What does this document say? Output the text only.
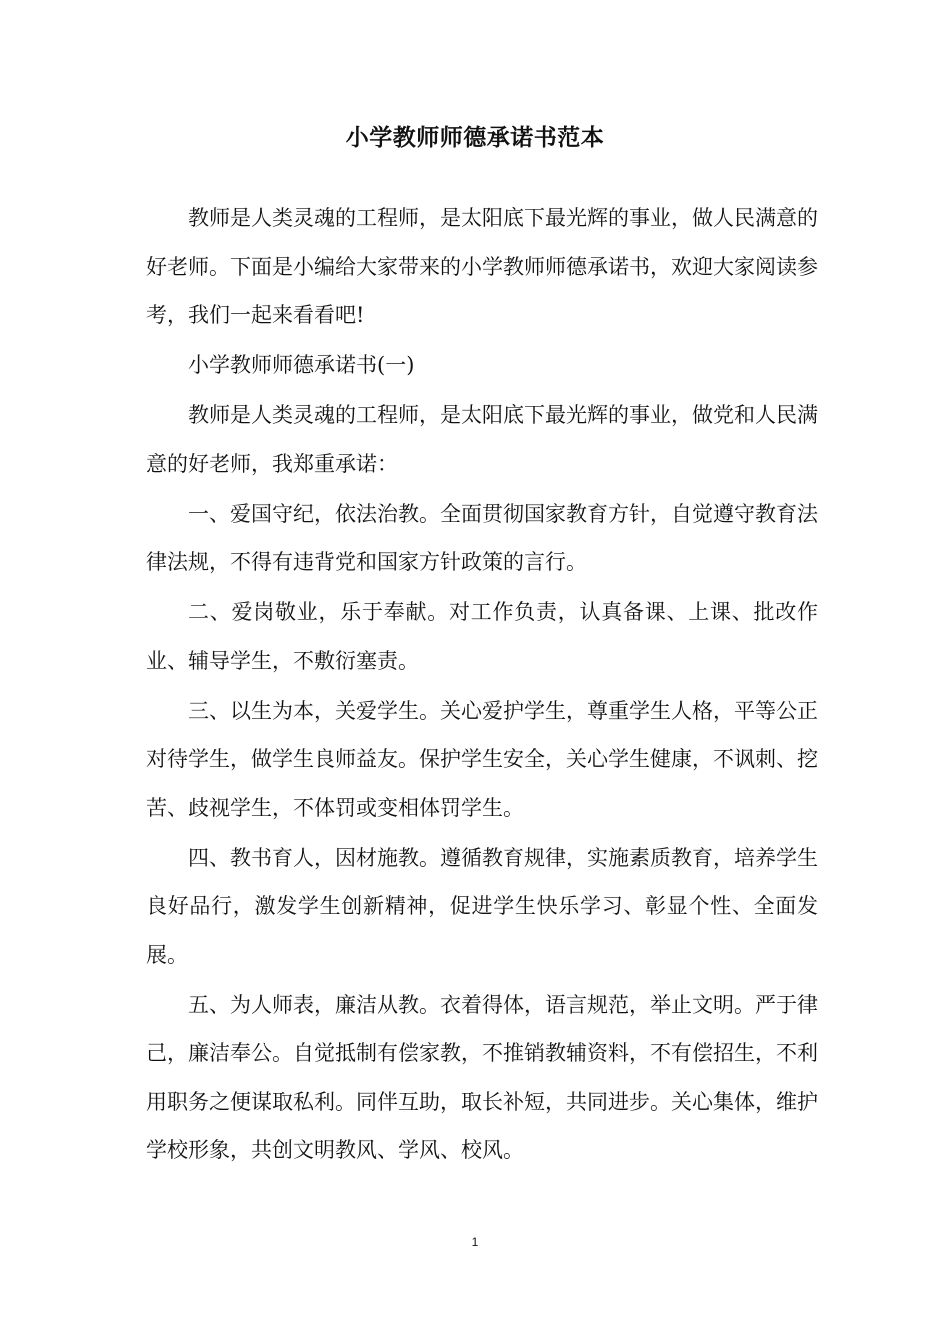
小学教师师德承诺书范本

教师是人类灵魂的工程师，是太阳底下最光辉的事业，做人民满意的好老师。下面是小编给大家带来的小学教师师德承诺书，欢迎大家阅读参考，我们一起来看看吧!

小学教师师德承诺书(一)

教师是人类灵魂的工程师，是太阳底下最光辉的事业，做党和人民满意的好老师，我郑重承诺：

一、爱国守纪，依法治教。全面贯彻国家教育方针，自觉遵守教育法律法规，不得有违背党和国家方针政策的言行。

二、爱岗敬业，乐于奉献。对工作负责，认真备课、上课、批改作业、辅导学生，不敷衍塞责。

三、以生为本，关爱学生。关心爱护学生，尊重学生人格，平等公正对待学生，做学生良师益友。保护学生安全，关心学生健康，不讽刺、挖苦、歧视学生，不体罚或变相体罚学生。

四、教书育人，因材施教。遵循教育规律，实施素质教育，培养学生良好品行，激发学生创新精神，促进学生快乐学习、彰显个性、全面发展。

五、为人师表，廉洁从教。衣着得体，语言规范，举止文明。严于律己，廉洁奉公。自觉抵制有偿家教，不推销教辅资料，不有偿招生，不利用职务之便谋取私利。同伴互助，取长补短，共同进步。关心集体，维护学校形象，共创文明教风、学风、校风。

1
